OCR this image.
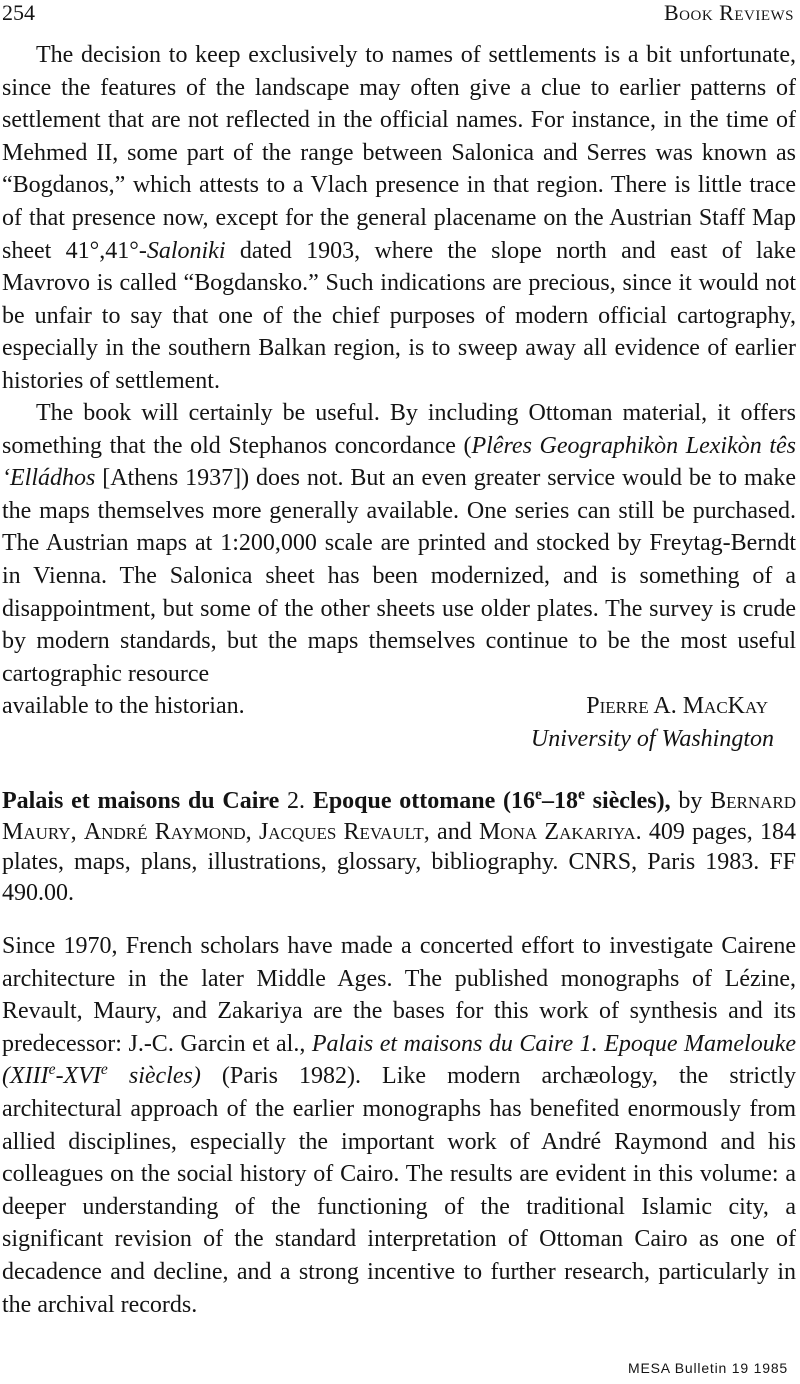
254	Book Reviews

The decision to keep exclusively to names of settlements is a bit unfortunate, since the features of the landscape may often give a clue to earlier patterns of settlement that are not reflected in the official names. For instance, in the time of Mehmed II, some part of the range between Salonica and Serres was known as “Bogdanos,” which attests to a Vlach presence in that region. There is little trace of that presence now, except for the general placename on the Austrian Staff Map sheet 41°,41°-Saloniki dated 1903, where the slope north and east of lake Mavrovo is called “Bogdansko.” Such indications are precious, since it would not be unfair to say that one of the chief purposes of modern official cartography, especially in the southern Balkan region, is to sweep away all evidence of earlier histories of settlement.

The book will certainly be useful. By including Ottoman material, it offers something that the old Stephanos concordance (Plêres Geographikòn Lexikòn tês ‘Elládhos [Athens 1937]) does not. But an even greater service would be to make the maps themselves more generally available. One series can still be purchased. The Austrian maps at 1:200,000 scale are printed and stocked by Freytag-Berndt in Vienna. The Salonica sheet has been modernized, and is something of a disappointment, but some of the other sheets use older plates. The survey is crude by modern standards, but the maps themselves continue to be the most useful cartographic resource

available to the historian.	Pierre A. MacKay
University of Washington
Palais et maisons du Caire 2. Epoque ottomane (16e–18e siècles), by Bernard Maury, André Raymond, Jacques Revault, and Mona Zakariya. 409 pages, 184 plates, maps, plans, illustrations, glossary, bibliography. CNRS, Paris 1983. FF 490.00.

Since 1970, French scholars have made a concerted effort to investigate Cairene architecture in the later Middle Ages. The published monographs of Lézine, Revault, Maury, and Zakariya are the bases for this work of synthesis and its predecessor: J.-C. Garcin et al., Palais et maisons du Caire 1. Epoque Mameloukе (XIIIe-XVIe siècles) (Paris 1982). Like modern archæology, the strictly architectural approach of the earlier monographs has benefited enormously from allied disciplines, especially the important work of André Raymond and his colleagues on the social history of Cairo. The results are evident in this volume: a deeper understanding of the functioning of the traditional Islamic city, a significant revision of the standard interpretation of Ottoman Cairo as one of decadence and decline, and a strong incentive to further research, particularly in the archival records.

MESA Bulletin 19 1985
